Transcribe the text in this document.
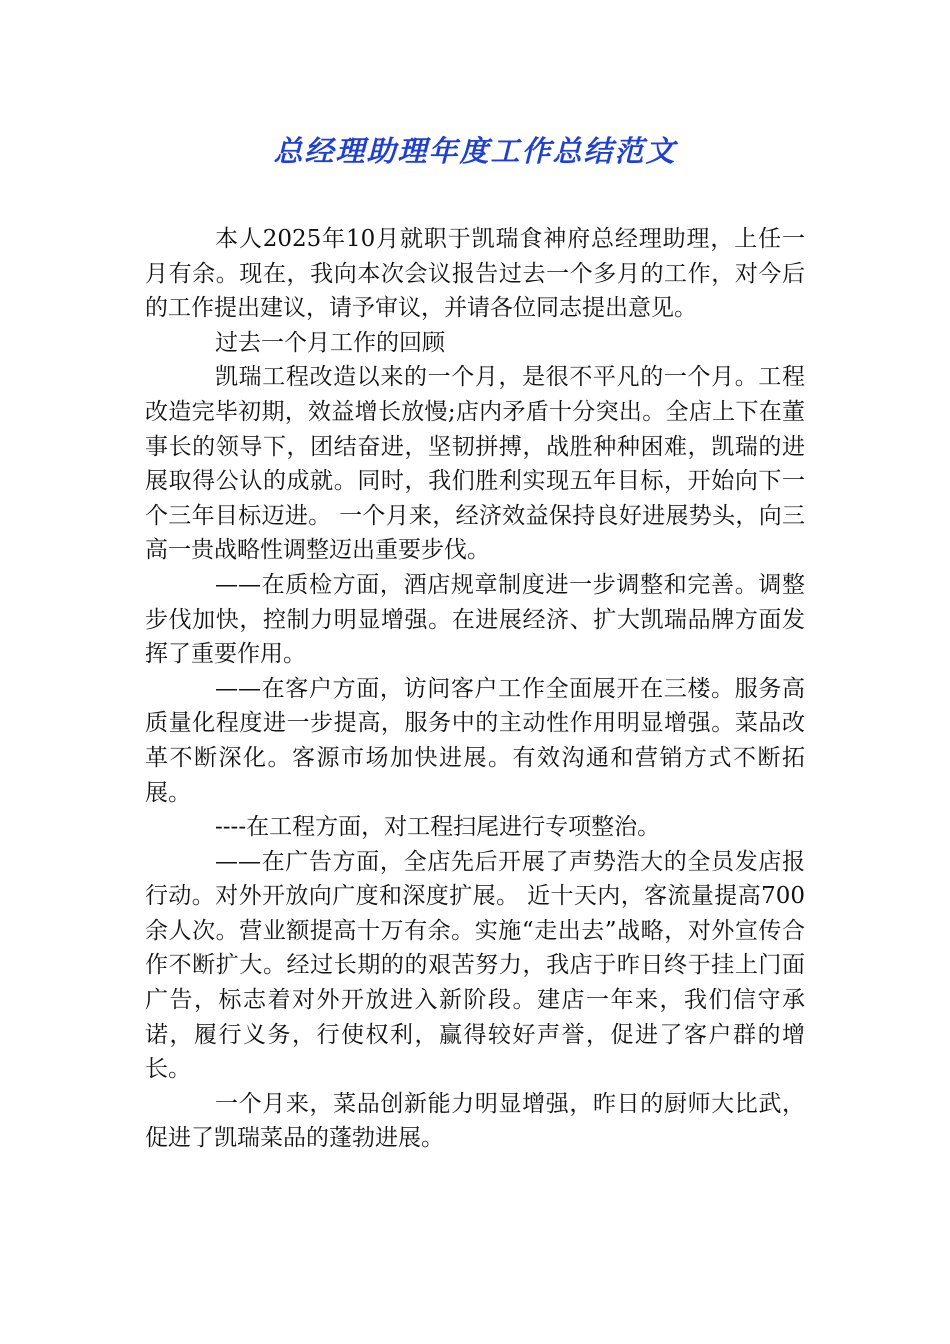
总经理助理年度工作总结范文

本人2025年10月就职于凯瑞食神府总经理助理，上任一月有余。现在，我向本次会议报告过去一个多月的工作，对今后的工作提出建议，请予审议，并请各位同志提出意见。

过去一个月工作的回顾

凯瑞工程改造以来的一个月，是很不平凡的一个月。工程改造完毕初期，效益增长放慢;店内矛盾十分突出。全店上下在董事长的领导下，团结奋进，坚韧拼搏，战胜种种困难，凯瑞的进展取得公认的成就。同时，我们胜利实现五年目标，开始向下一个三年目标迈进。 一个月来，经济效益保持良好进展势头，向三高一贵战略性调整迈出重要步伐。

——在质检方面，酒店规章制度进一步调整和完善。调整步伐加快，控制力明显增强。在进展经济、扩大凯瑞品牌方面发挥了重要作用。

——在客户方面，访问客户工作全面展开在三楼。服务高质量化程度进一步提高，服务中的主动性作用明显增强。菜品改革不断深化。客源市场加快进展。有效沟通和营销方式不断拓展。

----在工程方面，对工程扫尾进行专项整治。

——在广告方面，全店先后开展了声势浩大的全员发店报行动。对外开放向广度和深度扩展。 近十天内，客流量提高700余人次。营业额提高十万有余。实施“走出去”战略，对外宣传合作不断扩大。经过长期的的艰苦努力，我店于昨日终于挂上门面广告，标志着对外开放进入新阶段。建店一年来，我们信守承诺，履行义务，行使权利，赢得较好声誉，促进了客户群的增长。

一个月来，菜品创新能力明显增强，昨日的厨师大比武，促进了凯瑞菜品的蓬勃进展。
